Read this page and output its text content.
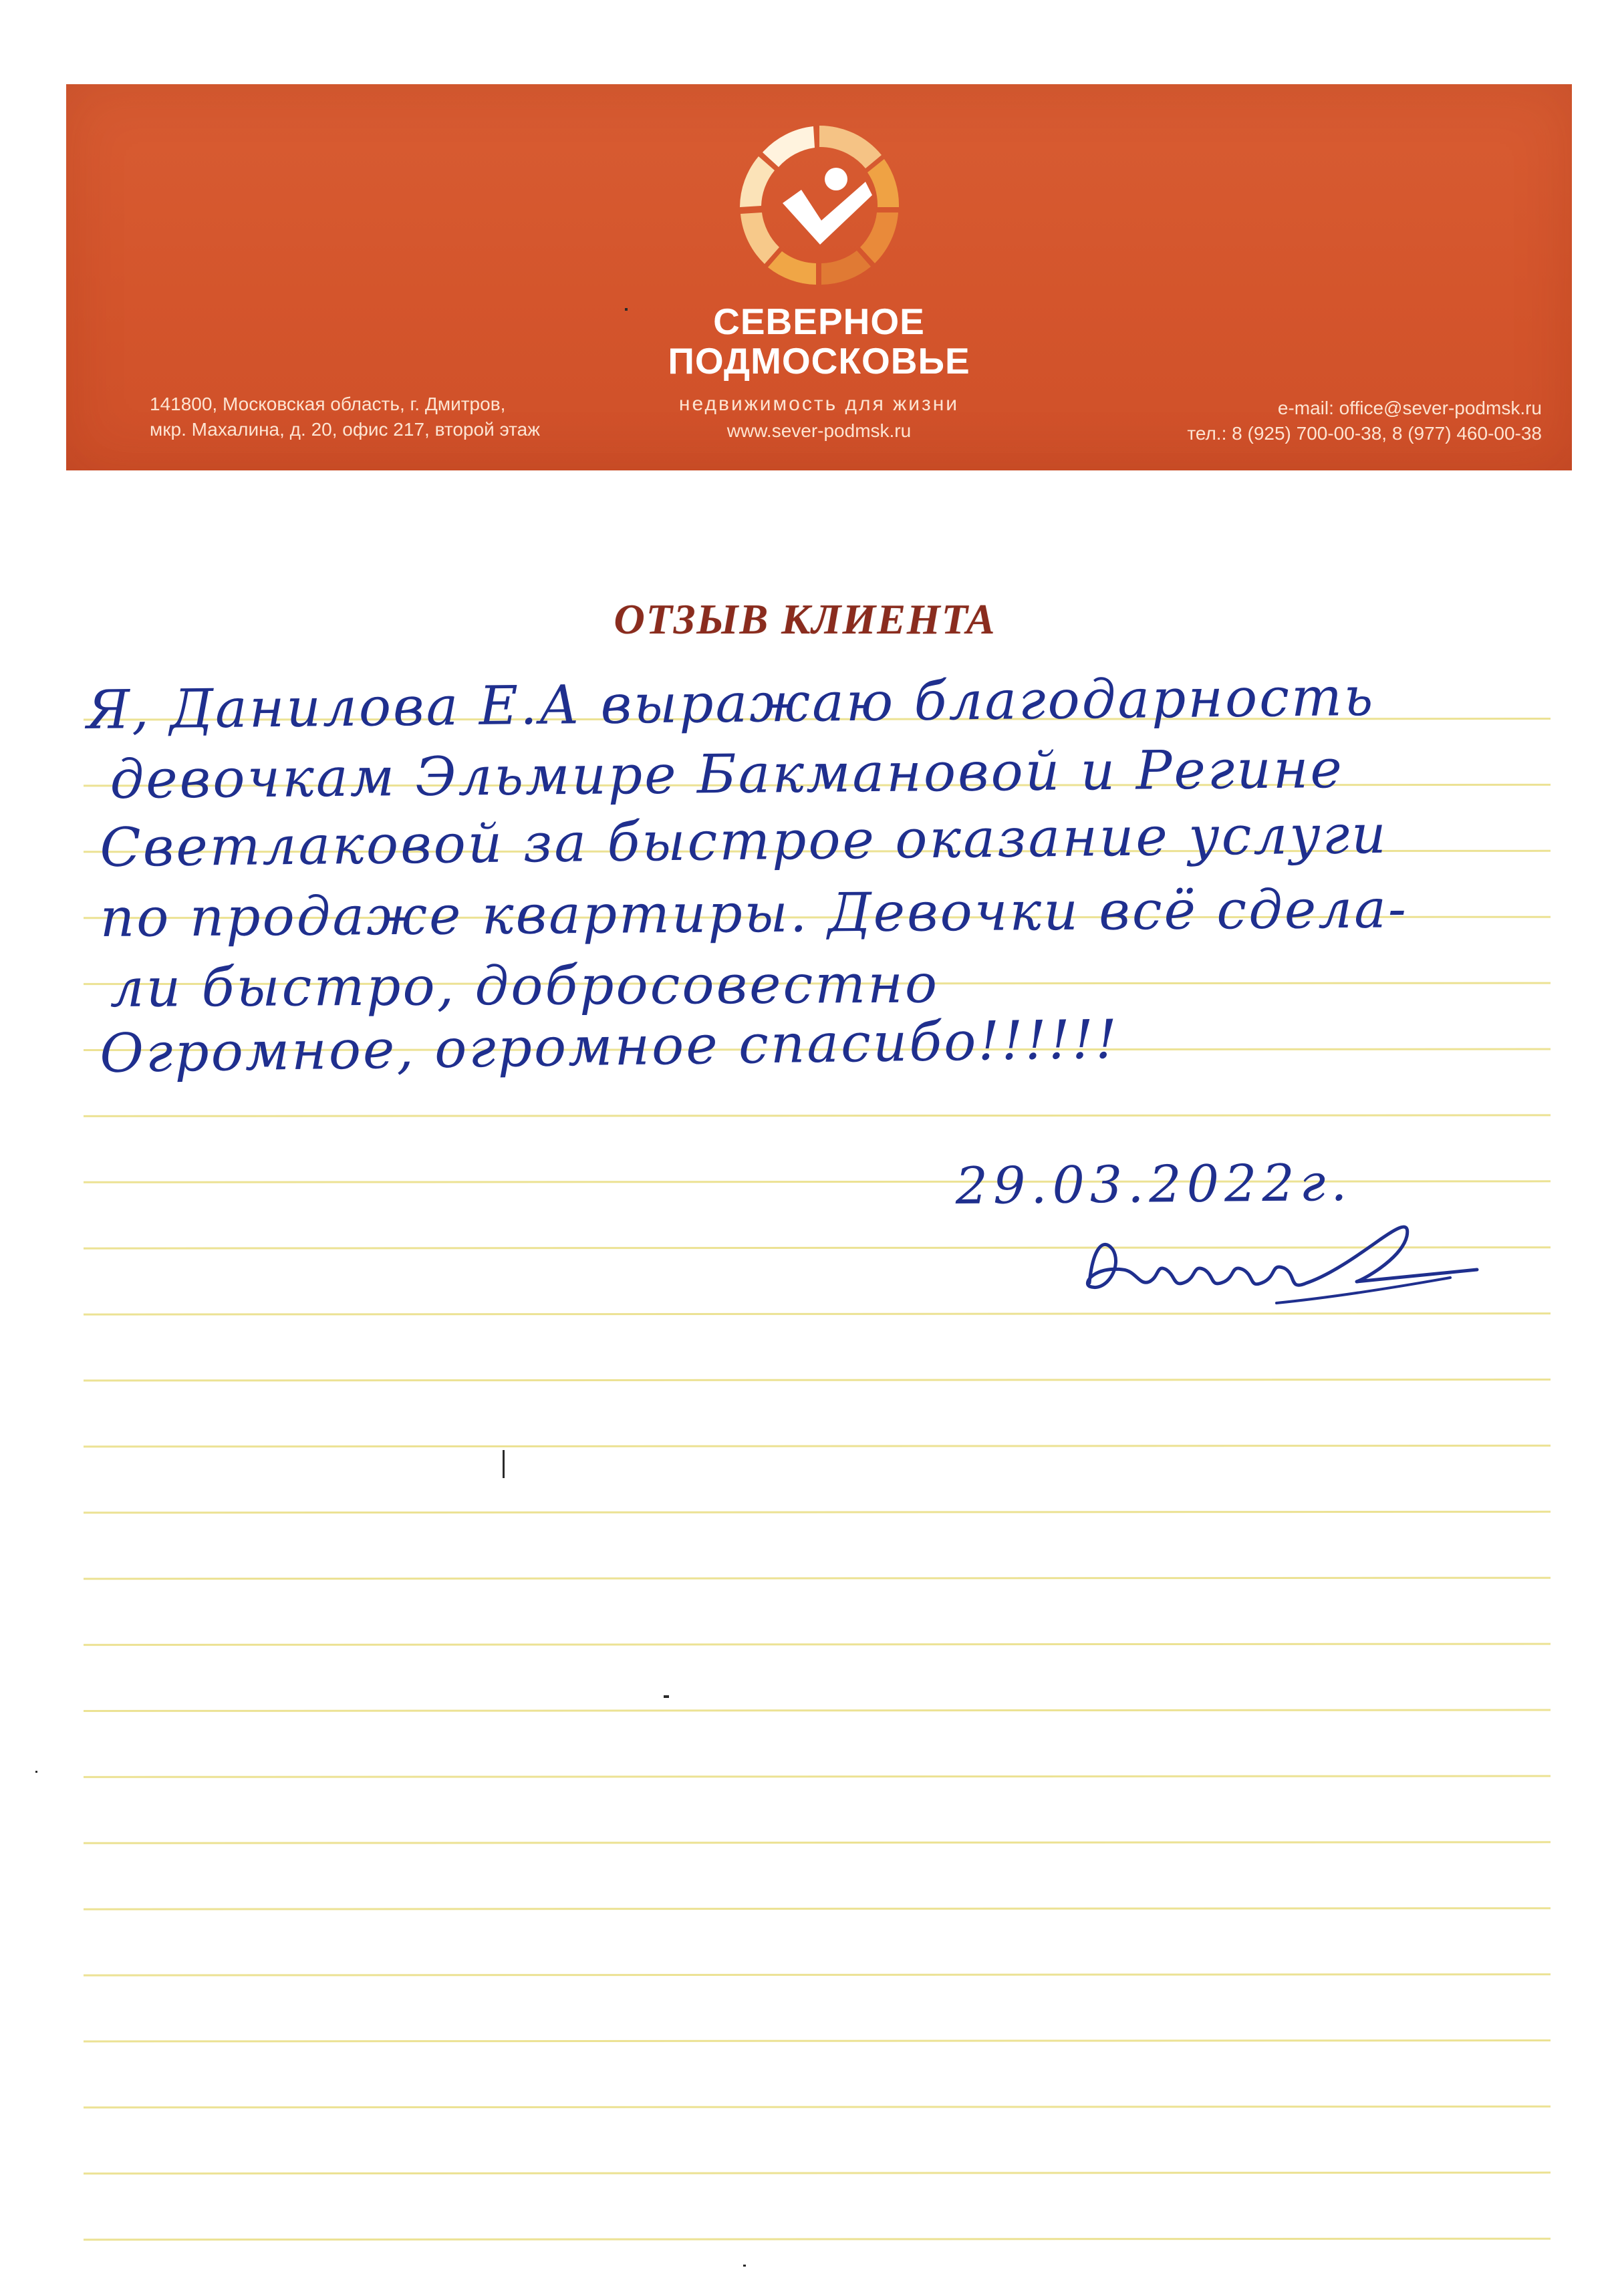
СЕВЕРНОЕ
ПОДМОСКОВЬЕ
недвижимость для жизни
www.sever-podmsk.ru
141800, Московская область, г. Дмитров,
мкр. Махалина, д. 20, офис 217, второй этаж
e-mail: office@sever-podmsk.ru
тел.: 8 (925) 700-00-38, 8 (977) 460-00-38
ОТЗЫВ КЛИЕНТА
Я, Данилова Е.А выражаю благодарность
девочкам Эльмире Бакмановой и Регине
Светлаковой за быстрое оказание услуги
по продаже квартиры. Девочки всё сдела-
ли быстро, добросовестно
Огромное, огромное спасибо!!!!!!
29.03.2022г.
